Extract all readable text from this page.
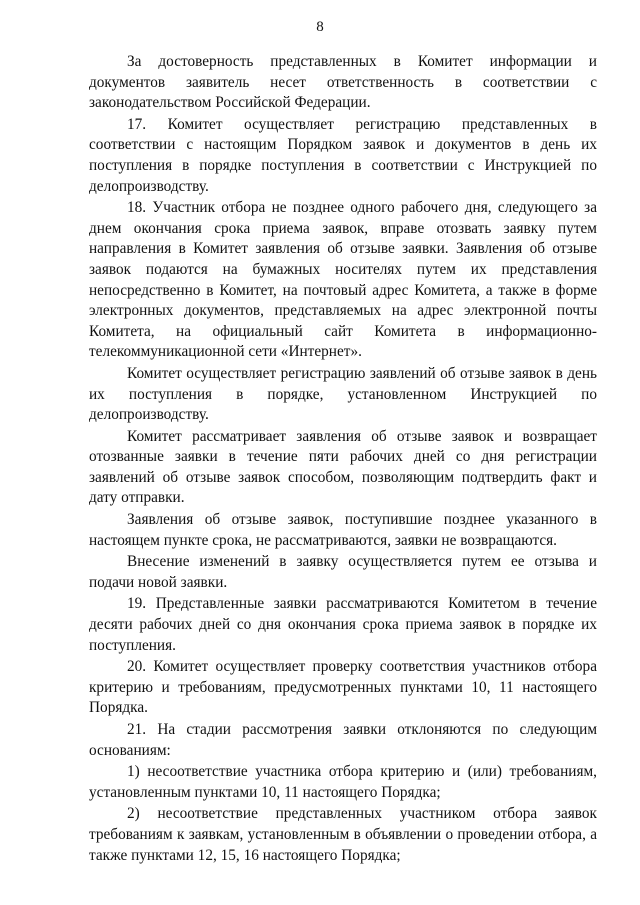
8

За достоверность представленных в Комитет информации и документов заявитель несет ответственность в соответствии с законодательством Российской Федерации.

17. Комитет осуществляет регистрацию представленных в соответствии с настоящим Порядком заявок и документов в день их поступления в порядке поступления в соответствии с Инструкцией по делопроизводству.

18. Участник отбора не позднее одного рабочего дня, следующего за днем окончания срока приема заявок, вправе отозвать заявку путем направления в Комитет заявления об отзыве заявки. Заявления об отзыве заявок подаются на бумажных носителях путем их представления непосредственно в Комитет, на почтовый адрес Комитета, а также в форме электронных документов, представляемых на адрес электронной почты Комитета, на официальный сайт Комитета в информационно-телекоммуникационной сети «Интернет».

Комитет осуществляет регистрацию заявлений об отзыве заявок в день их поступления в порядке, установленном Инструкцией по делопроизводству.

Комитет рассматривает заявления об отзыве заявок и возвращает отозванные заявки в течение пяти рабочих дней со дня регистрации заявлений об отзыве заявок способом, позволяющим подтвердить факт и дату отправки.

Заявления об отзыве заявок, поступившие позднее указанного в настоящем пункте срока, не рассматриваются, заявки не возвращаются.

Внесение изменений в заявку осуществляется путем ее отзыва и подачи новой заявки.

19. Представленные заявки рассматриваются Комитетом в течение десяти рабочих дней со дня окончания срока приема заявок в порядке их поступления.

20. Комитет осуществляет проверку соответствия участников отбора критерию и требованиям, предусмотренных пунктами 10, 11 настоящего Порядка.

21. На стадии рассмотрения заявки отклоняются по следующим основаниям:

1) несоответствие участника отбора критерию и (или) требованиям, установленным пунктами 10, 11 настоящего Порядка;

2) несоответствие представленных участником отбора заявок требованиям к заявкам, установленным в объявлении о проведении отбора, а также пунктами 12, 15, 16 настоящего Порядка;
